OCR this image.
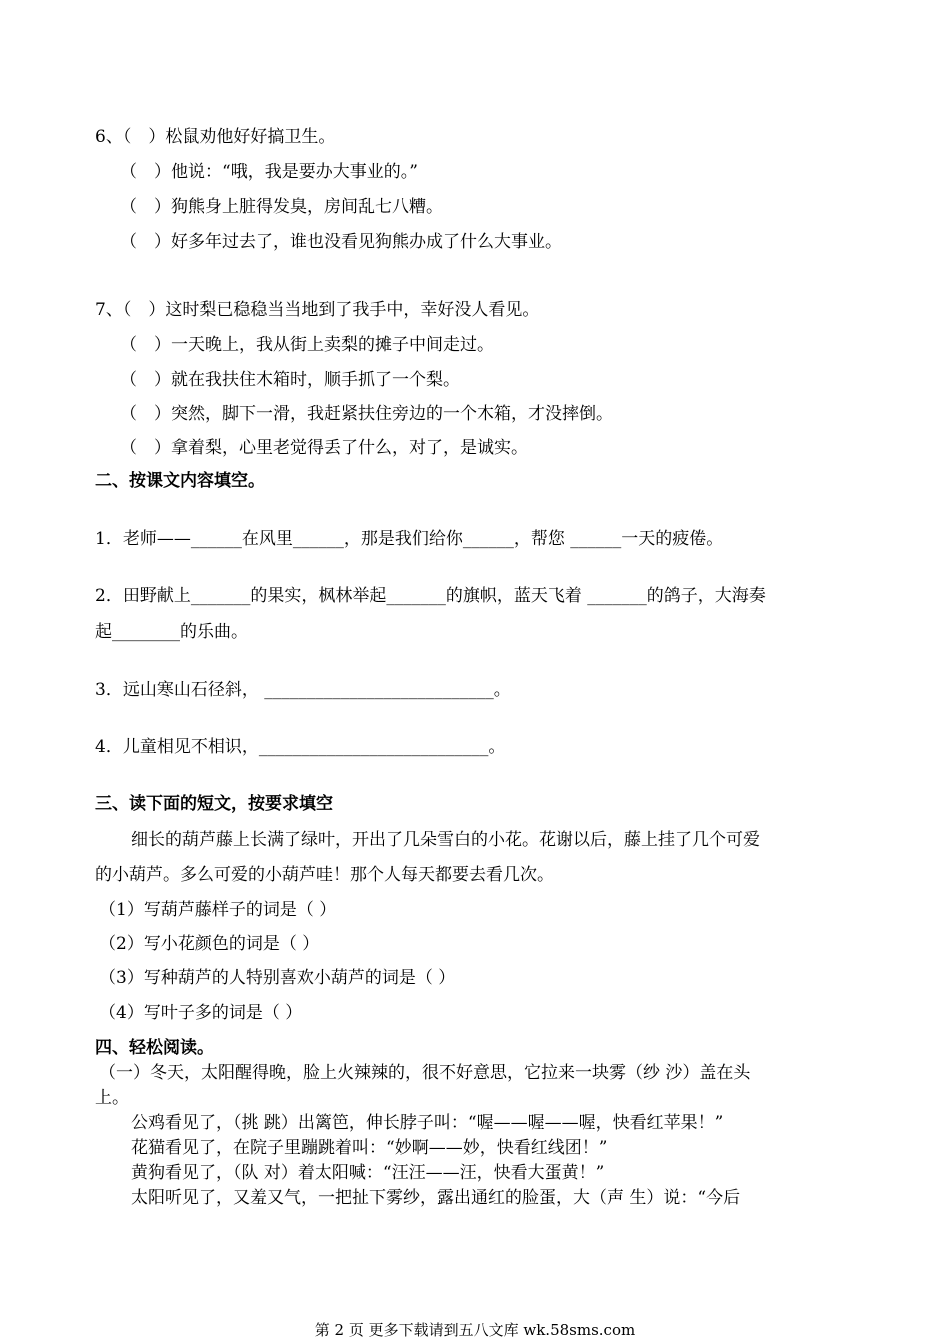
6、（　）松鼠劝他好好搞卫生。
（　）他说：“哦，我是要办大事业的。”
（　）狗熊身上脏得发臭，房间乱七八糟。
（　）好多年过去了，谁也没看见狗熊办成了什么大事业。
7、（　）这时梨已稳稳当当地到了我手中，幸好没人看见。
（　）一天晚上，我从街上卖梨的摊子中间走过。
（　）就在我扶住木箱时，顺手抓了一个梨。
（　）突然，脚下一滑，我赶紧扶住旁边的一个木箱，才没摔倒。
（　）拿着梨，心里老觉得丢了什么，对了，是诚实。
二、按课文内容填空。
1．老师——______在风里______，那是我们给你______，帮您 ______一天的疲倦。
2．田野献上_______的果实，枫林举起_______的旗帜，蓝天飞着 _______的鸽子，大海奏
起________的乐曲。
3．远山寒山石径斜， ___________________________。
4．儿童相见不相识，___________________________。
三、读下面的短文，按要求填空
细长的葫芦藤上长满了绿叶，开出了几朵雪白的小花。花谢以后，藤上挂了几个可爱
的小葫芦。多么可爱的小葫芦哇！那个人每天都要去看几次。
（1）写葫芦藤样子的词是（ ）
（2）写小花颜色的词是（ ）
（3）写种葫芦的人特别喜欢小葫芦的词是（ ）
（4）写叶子多的词是（ ）
四、轻松阅读。
（一）冬天，太阳醒得晚，脸上火辣辣的，很不好意思，它拉来一块雾（纱 沙）盖在头
上。
公鸡看见了，（挑 跳）出篱笆，伸长脖子叫：“喔——喔——喔，快看红苹果！”
花猫看见了，在院子里蹦跳着叫：“妙啊——妙，快看红线团！”
黄狗看见了，（队 对）着太阳喊：“汪汪——汪，快看大蛋黄！”
太阳听见了，又羞又气，一把扯下雾纱，露出通红的脸蛋，大（声 生）说：“今后
第 2 页 更多下载请到五八文库 wk.58sms.com
